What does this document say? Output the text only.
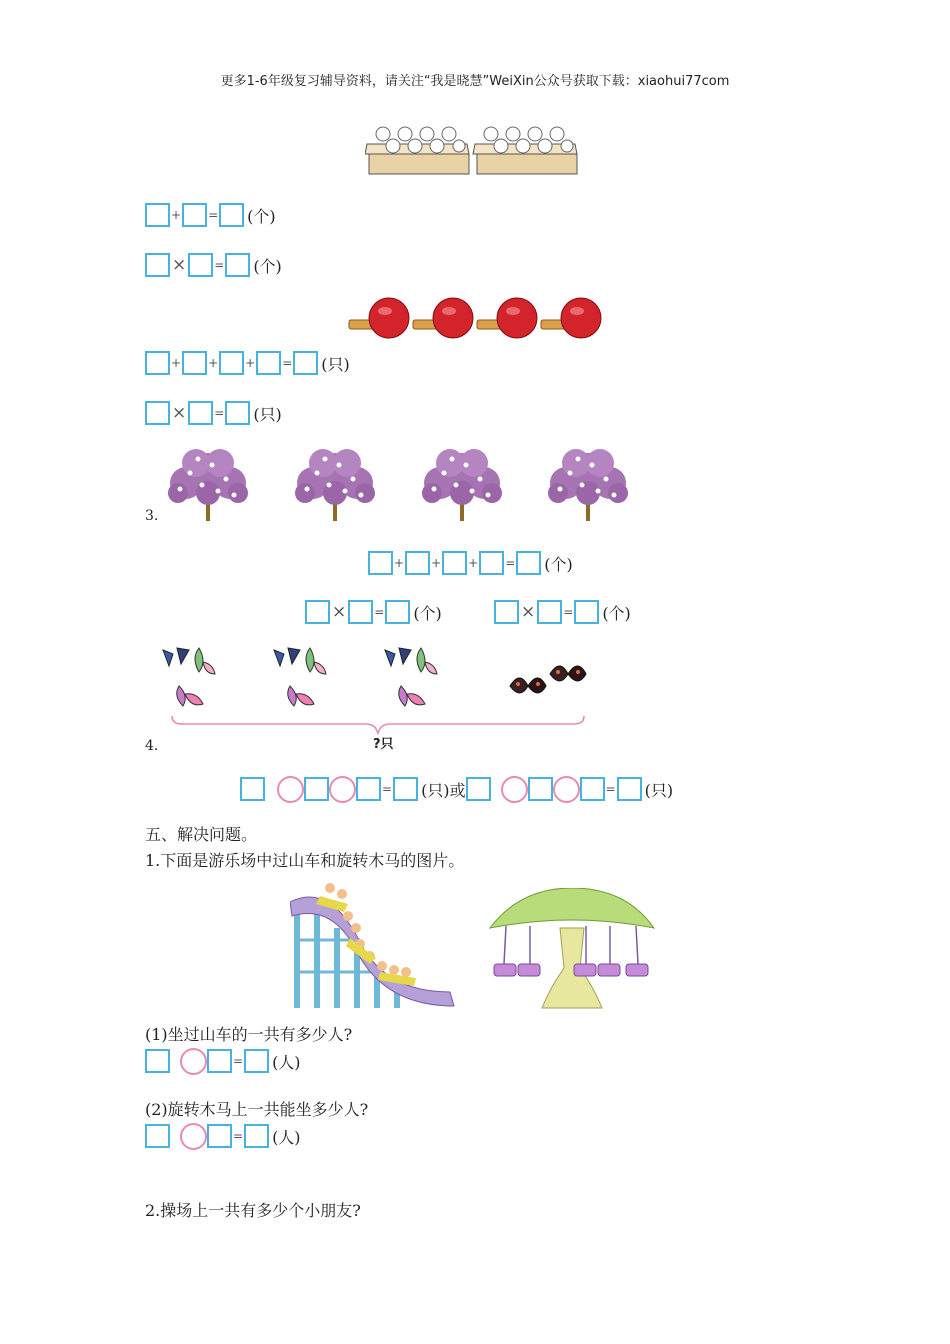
更多1-6年级复习辅导资料，请关注“我是晓慧”WeiXin公众号获取下载：xiaohui77com
+ = (个)
× = (个)
+ + + = (只)
× = (只)
3.
+ + + = (个)
× = (个)	× = (个)
?只
4.
= (只) 或	= (只)
五、解决问题。
1.下面是游乐场中过山车和旋转木马的图片。
(1)坐过山车的一共有多少人?
= (人)
(2)旋转木马上一共能坐多少人?
= (人)
2.操场上一共有多少个小朋友?
